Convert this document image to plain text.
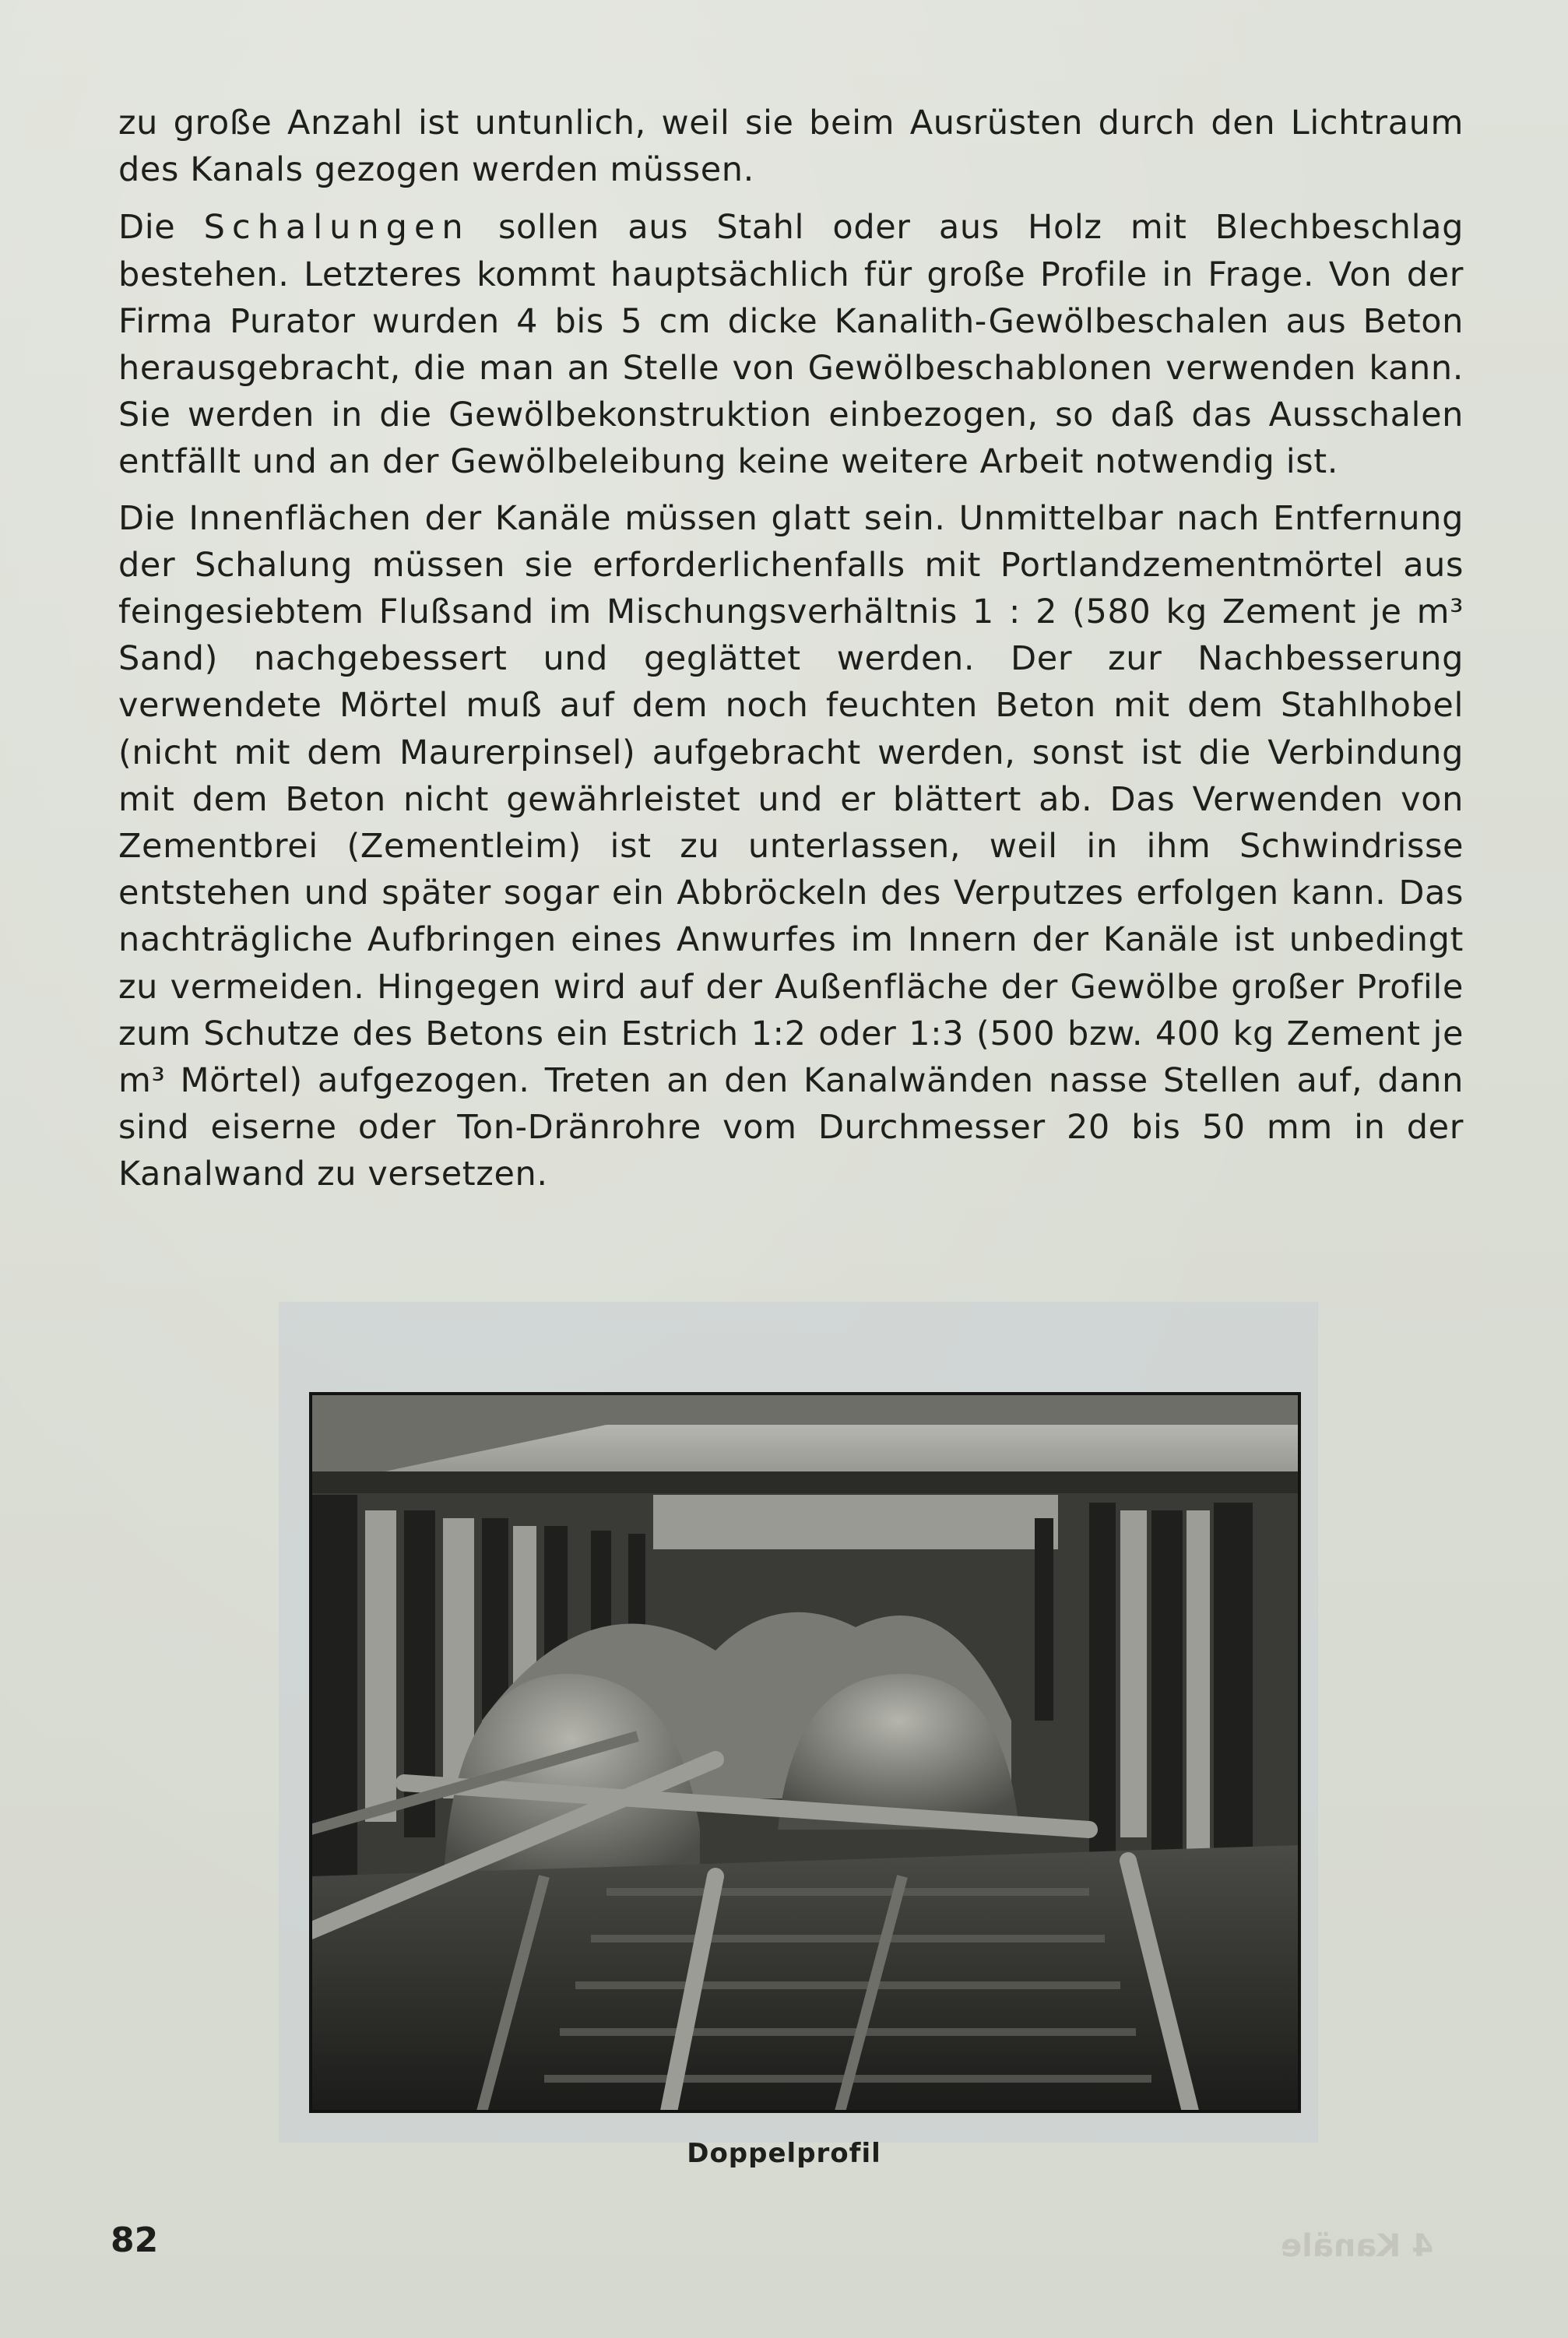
zu große Anzahl ist untunlich, weil sie beim Ausrüsten durch den Lichtraum des Kanals gezogen werden müssen.

Die Schalungen sollen aus Stahl oder aus Holz mit Blechbeschlag bestehen. Letzteres kommt hauptsächlich für große Profile in Frage. Von der Firma Purator wurden 4 bis 5 cm dicke Kanalith-Gewölbeschalen aus Beton herausgebracht, die man an Stelle von Gewölbeschablonen verwenden kann. Sie werden in die Gewölbekonstruktion einbezogen, so daß das Ausschalen entfällt und an der Gewölbeleibung keine weitere Arbeit notwendig ist.

Die Innenflächen der Kanäle müssen glatt sein. Unmittelbar nach Entfernung der Schalung müssen sie erforderlichenfalls mit Portlandzementmörtel aus feingesiebtem Flußsand im Mischungsverhältnis 1 : 2 (580 kg Zement je m³ Sand) nachgebessert und geglättet werden. Der zur Nachbesserung verwendete Mörtel muß auf dem noch feuchten Beton mit dem Stahlhobel (nicht mit dem Maurerpinsel) aufgebracht werden, sonst ist die Verbindung mit dem Beton nicht gewährleistet und er blättert ab. Das Verwenden von Zementbrei (Zementleim) ist zu unterlassen, weil in ihm Schwindrisse entstehen und später sogar ein Abbröckeln des Verputzes erfolgen kann. Das nachträgliche Aufbringen eines Anwurfes im Innern der Kanäle ist unbedingt zu vermeiden. Hingegen wird auf der Außenfläche der Gewölbe großer Profile zum Schutze des Betons ein Estrich 1:2 oder 1:3 (500 bzw. 400 kg Zement je m³ Mörtel) aufgezogen. Treten an den Kanalwänden nasse Stellen auf, dann sind eiserne oder Ton-Dränrohre vom Durchmesser 20 bis 50 mm in der Kanalwand zu versetzen.

Doppelprofil
82	4 Kanäle
